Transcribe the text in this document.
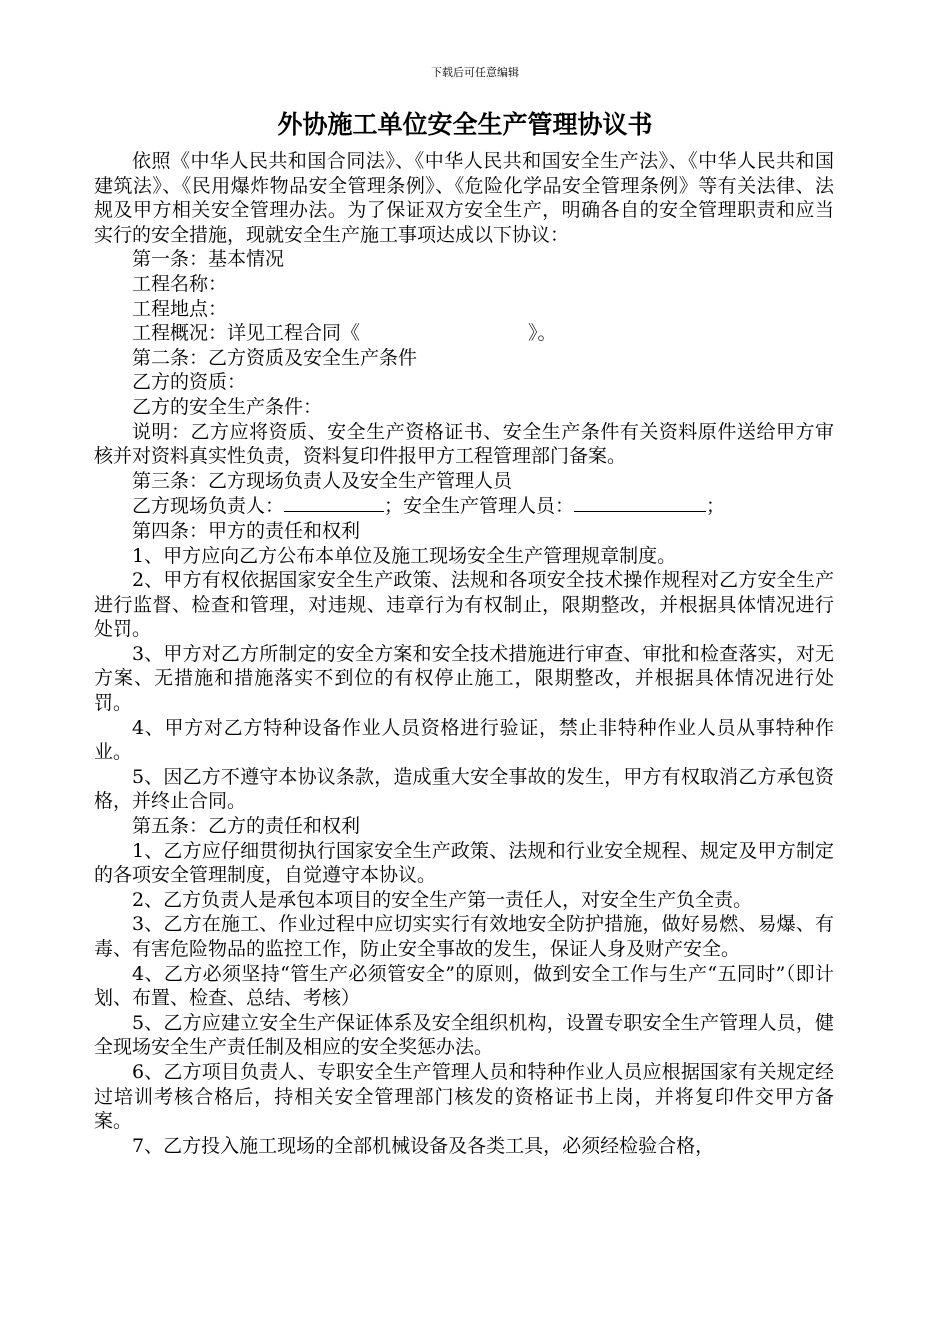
下载后可任意编辑
外协施工单位安全生产管理协议书

依照《中华人民共和国合同法》、《中华人民共和国安全生产法》、《中华人民共和国建筑法》、《民用爆炸物品安全管理条例》、《危险化学品安全管理条例》等有关法律、法规及甲方相关安全管理办法。为了保证双方安全生产，明确各自的安全管理职责和应当实行的安全措施，现就安全生产施工事项达成以下协议：

第一条：基本情况

工程名称：

工程地点：

工程概况：详见工程合同《	》。

第二条：乙方资质及安全生产条件

乙方的资质：

乙方的安全生产条件：

说明：乙方应将资质、安全生产资格证书、安全生产条件有关资料原件送给甲方审核并对资料真实性负责，资料复印件报甲方工程管理部门备案。

第三条：乙方现场负责人及安全生产管理人员

乙方现场负责人：	；安全生产管理人员：	；

第四条：甲方的责任和权利

1、甲方应向乙方公布本单位及施工现场安全生产管理规章制度。

2、甲方有权依据国家安全生产政策、法规和各项安全技术操作规程对乙方安全生产进行监督、检查和管理，对违规、违章行为有权制止，限期整改，并根据具体情况进行处罚。

3、甲方对乙方所制定的安全方案和安全技术措施进行审查、审批和检查落实，对无方案、无措施和措施落实不到位的有权停止施工，限期整改，并根据具体情况进行处罚。

4、甲方对乙方特种设备作业人员资格进行验证，禁止非特种作业人员从事特种作业。

5、因乙方不遵守本协议条款，造成重大安全事故的发生，甲方有权取消乙方承包资格，并终止合同。

第五条：乙方的责任和权利

1、乙方应仔细贯彻执行国家安全生产政策、法规和行业安全规程、规定及甲方制定的各项安全管理制度，自觉遵守本协议。

2、乙方负责人是承包本项目的安全生产第一责任人，对安全生产负全责。

3、乙方在施工、作业过程中应切实实行有效地安全防护措施，做好易燃、易爆、有毒、有害危险物品的监控工作，防止安全事故的发生，保证人身及财产安全。

4、乙方必须坚持“管生产必须管安全”的原则，做到安全工作与生产“五同时”（即计划、布置、检查、总结、考核）

5、乙方应建立安全生产保证体系及安全组织机构，设置专职安全生产管理人员，健全现场安全生产责任制及相应的安全奖惩办法。

6、乙方项目负责人、专职安全生产管理人员和特种作业人员应根据国家有关规定经过培训考核合格后，持相关安全管理部门核发的资格证书上岗，并将复印件交甲方备案。

7、乙方投入施工现场的全部机械设备及各类工具，必须经检验合格，
